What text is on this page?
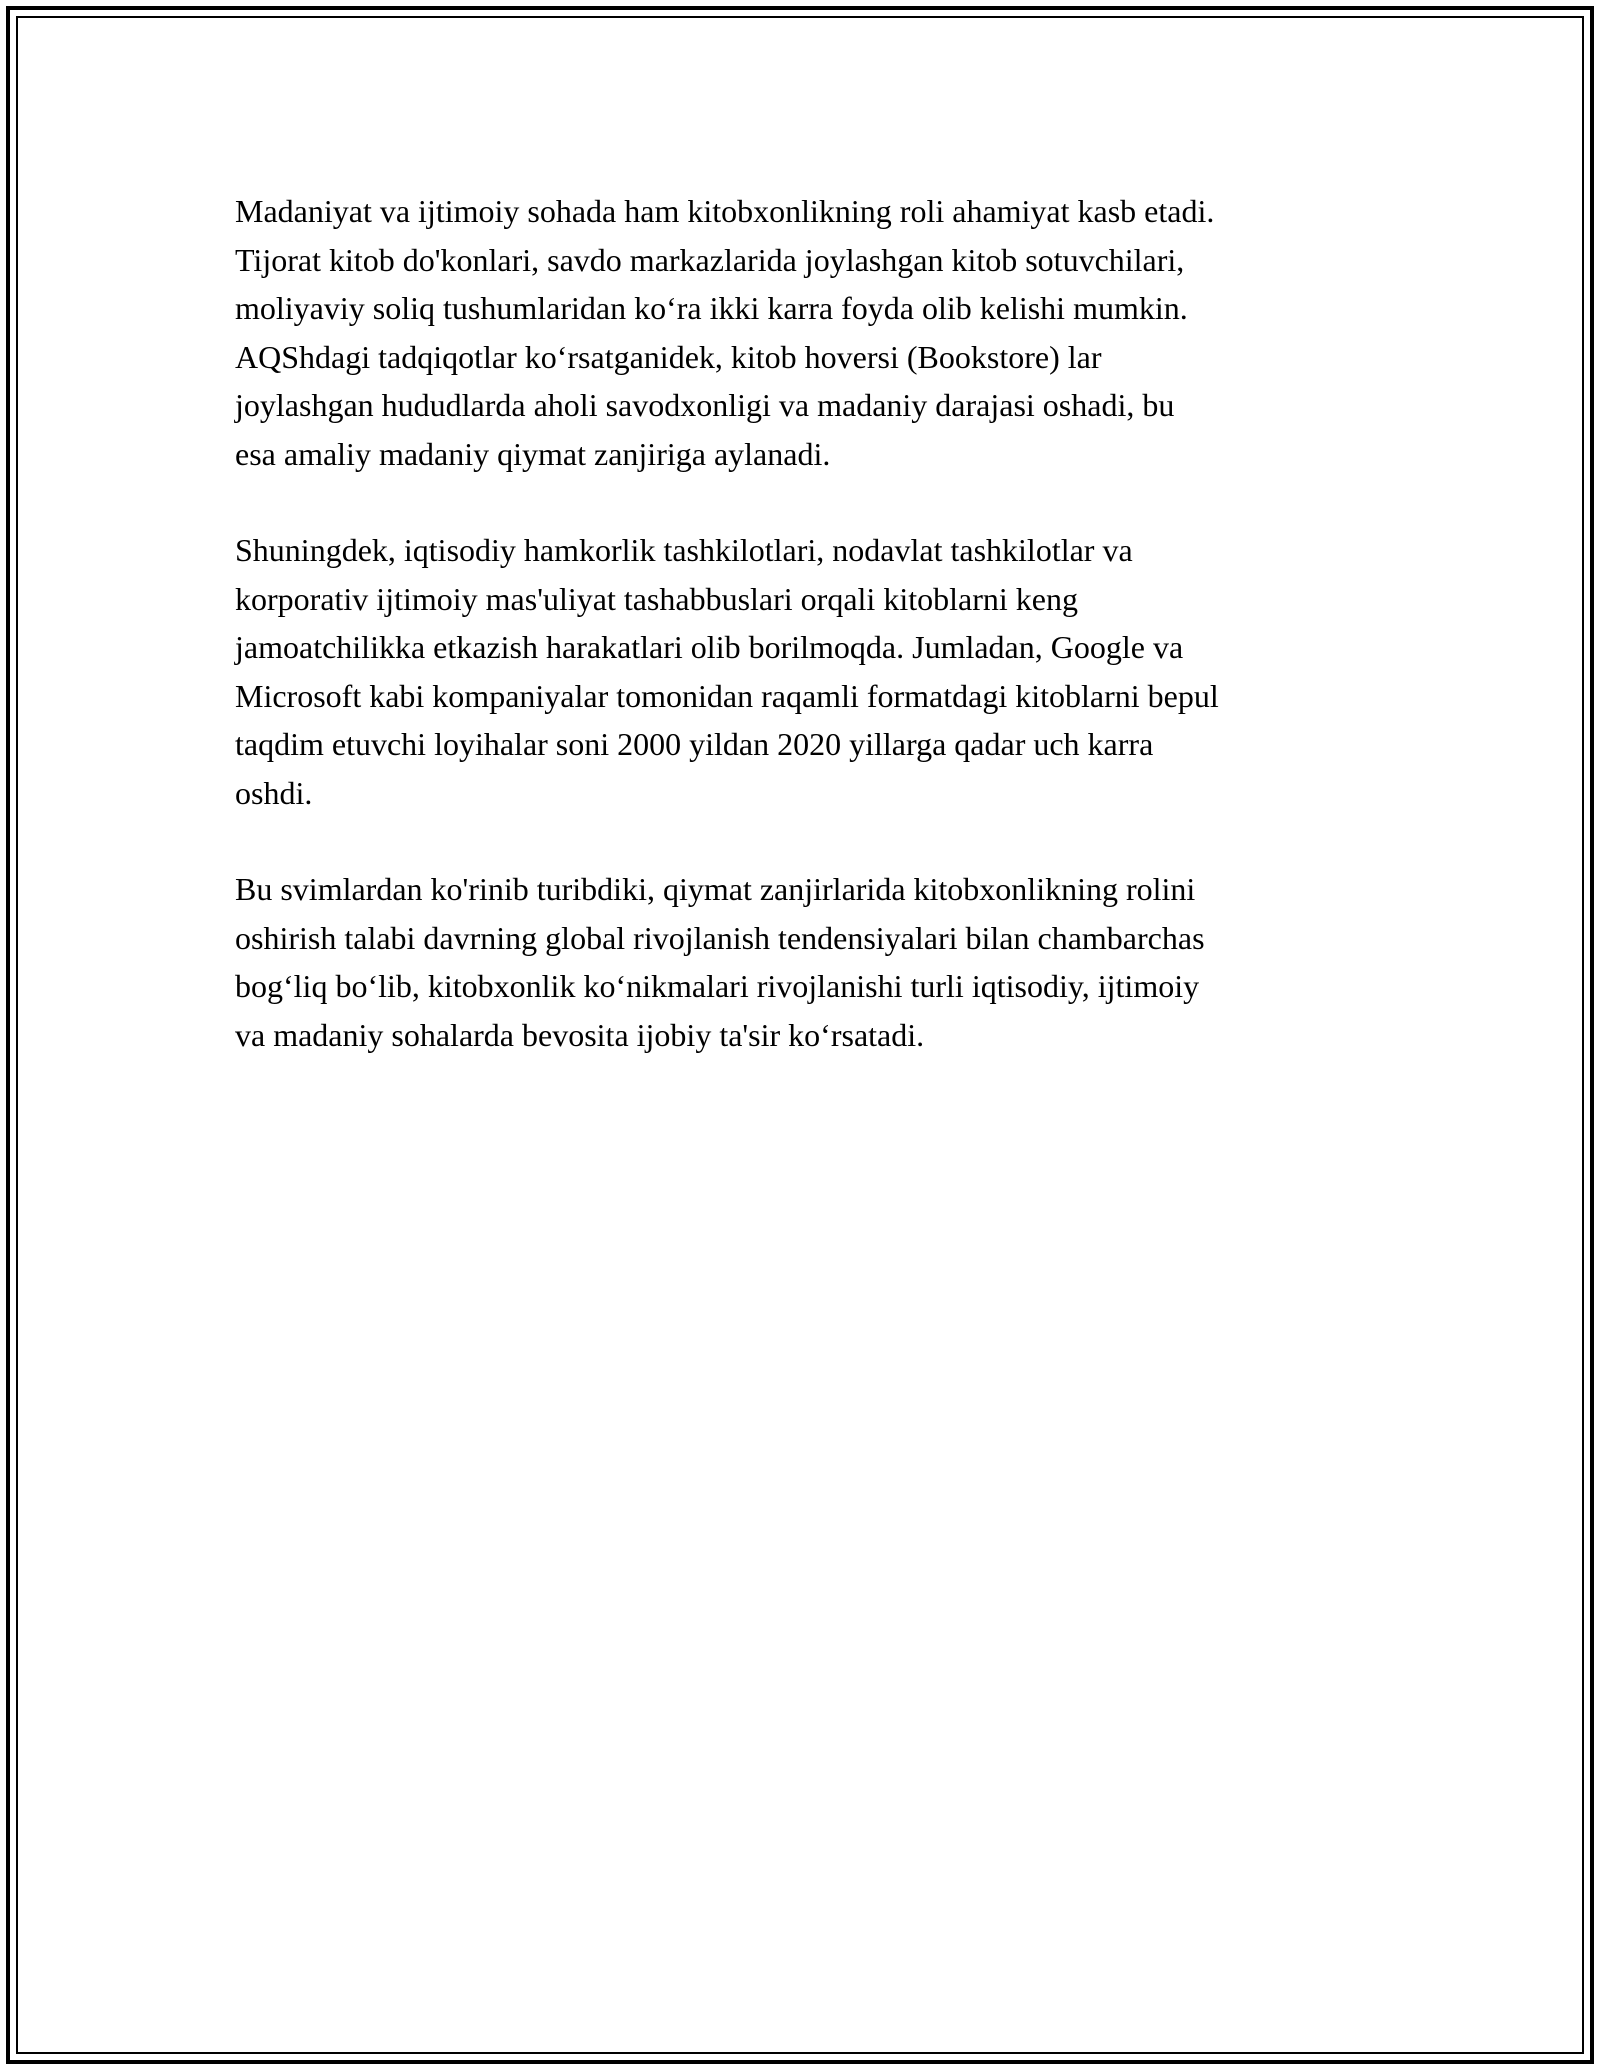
Madaniyat va ijtimoiy sohada ham kitobxonlikning roli ahamiyat kasb etadi.
Tijorat kitob do'konlari, savdo markazlarida joylashgan kitob sotuvchilari,
moliyaviy soliq tushumlaridan ko‘ra ikki karra foyda olib kelishi mumkin.
AQShdagi tadqiqotlar ko‘rsatganidek, kitob hoversi (Bookstore) lar
joylashgan hududlarda aholi savodxonligi va madaniy darajasi oshadi, bu
esa amaliy madaniy qiymat zanjiriga aylanadi.

Shuningdek, iqtisodiy hamkorlik tashkilotlari, nodavlat tashkilotlar va
korporativ ijtimoiy mas'uliyat tashabbuslari orqali kitoblarni keng
jamoatchilikka etkazish harakatlari olib borilmoqda. Jumladan, Google va
Microsoft kabi kompaniyalar tomonidan raqamli formatdagi kitoblarni bepul
taqdim etuvchi loyihalar soni 2000 yildan 2020 yillarga qadar uch karra
oshdi.

Bu svimlardan ko'rinib turibdiki, qiymat zanjirlarida kitobxonlikning rolini
oshirish talabi davrning global rivojlanish tendensiyalari bilan chambarchas
bog‘liq bo‘lib, kitobxonlik ko‘nikmalari rivojlanishi turli iqtisodiy, ijtimoiy
va madaniy sohalarda bevosita ijobiy ta'sir ko‘rsatadi.
